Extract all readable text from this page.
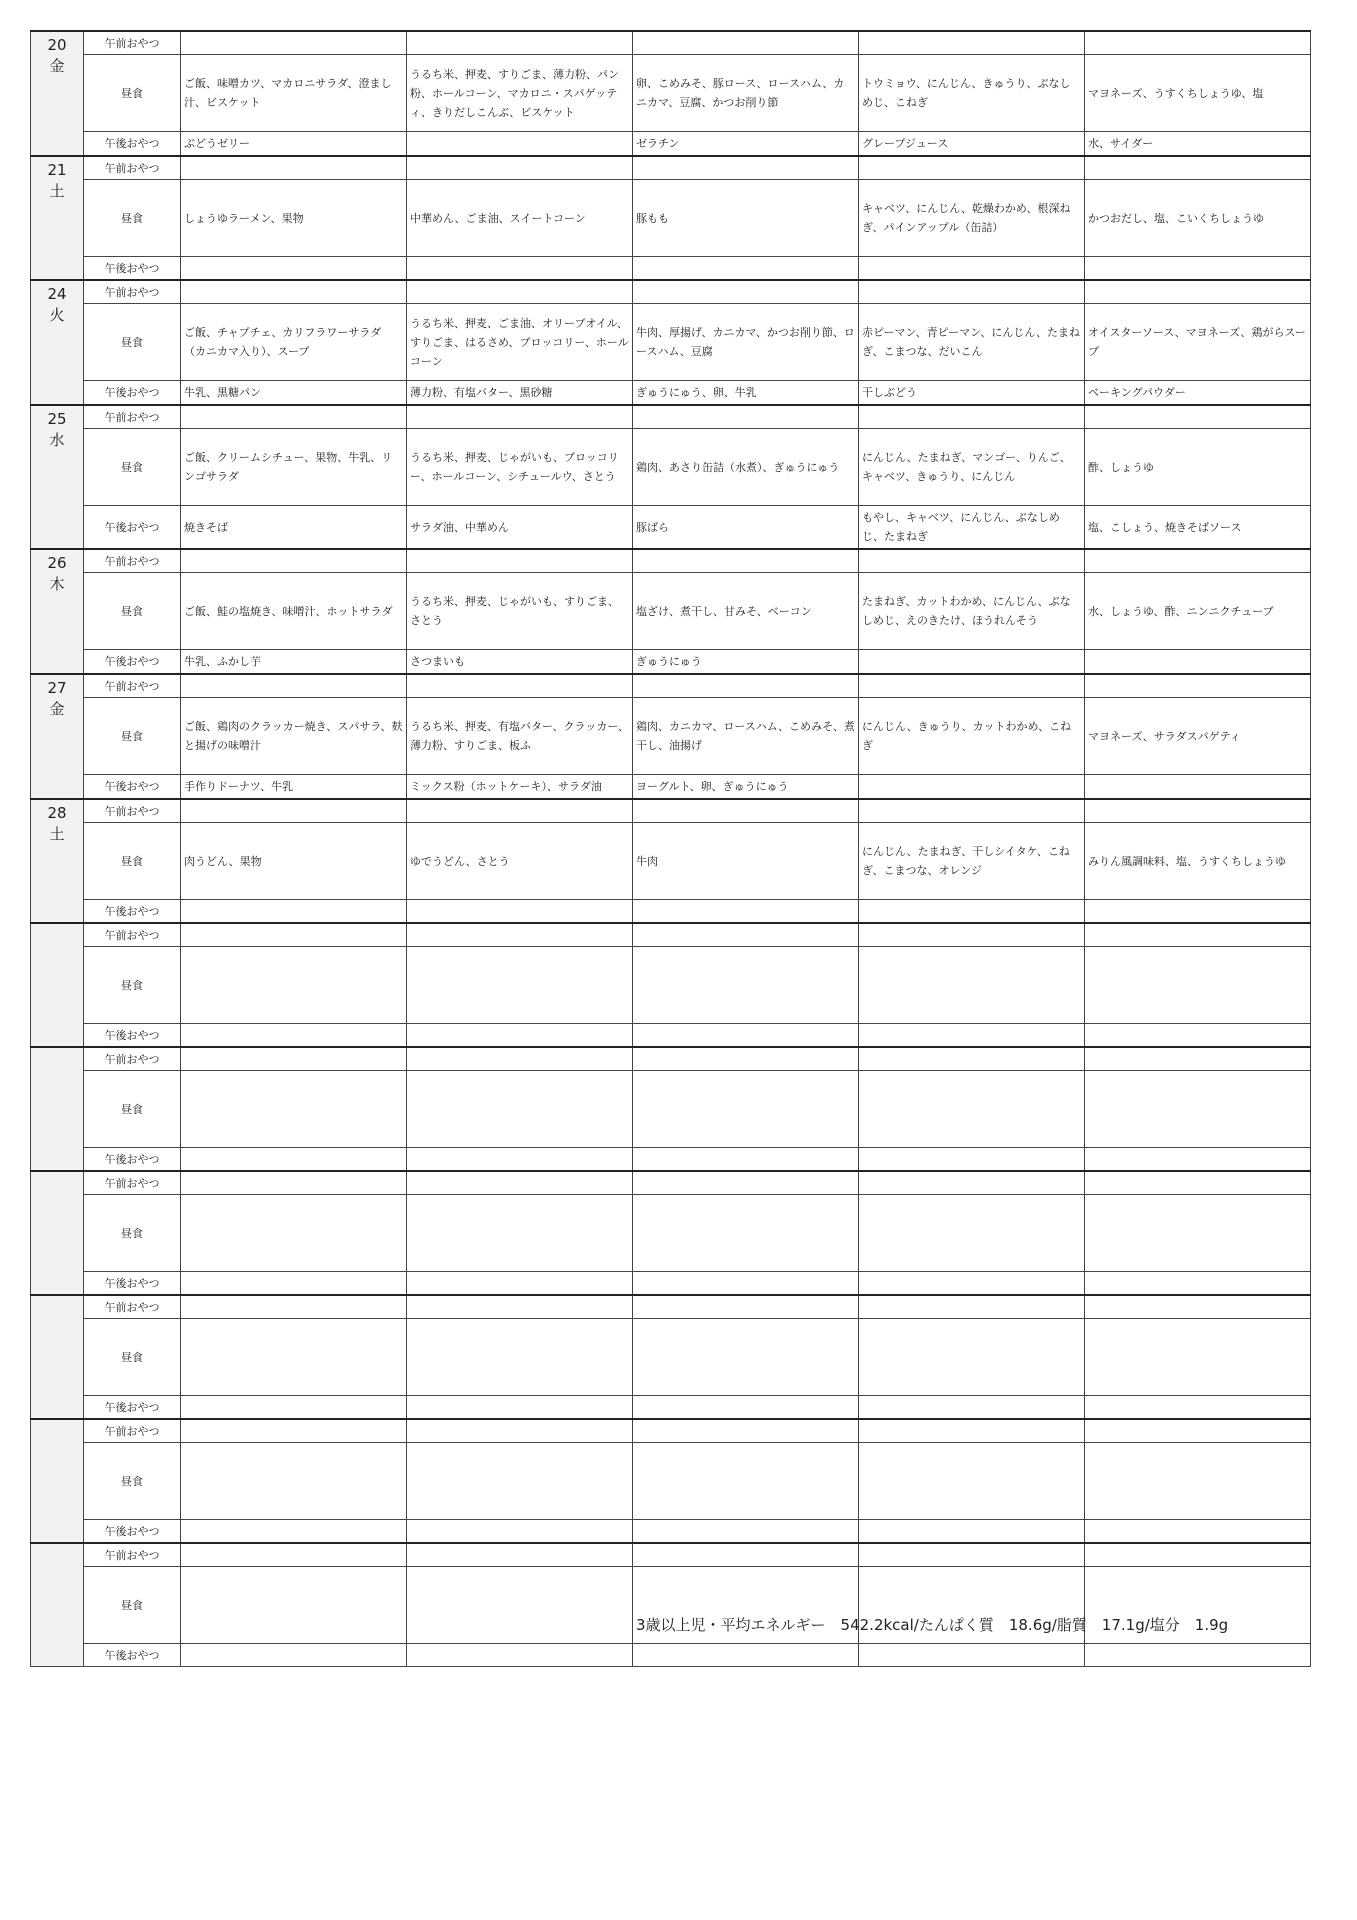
20
金	午前おやつ					
	昼食	ご飯、味噌カツ、マカロニサラダ、澄まし汁、ビスケット	うるち米、押麦、すりごま、薄力粉、パン粉、ホールコーン、マカロニ・スパゲッティ、きりだしこんぶ、ビスケット	卵、こめみそ、豚ロース、ロースハム、カニカマ、豆腐、かつお削り節	トウミョウ、にんじん、きゅうり、ぶなしめじ、こねぎ	マヨネーズ、うすくちしょうゆ、塩
	午後おやつ	ぶどうゼリー		ゼラチン	グレープジュース	水、サイダー

21
土	午前おやつ					
	昼食	しょうゆラーメン、果物	中華めん、ごま油、スイートコーン	豚もも	キャベツ、にんじん、乾燥わかめ、根深ねぎ、パインアップル（缶詰）	かつおだし、塩、こいくちしょうゆ
	午後おやつ					

24
火	午前おやつ					
	昼食	ご飯、チャプチェ、カリフラワーサラダ（カニカマ入り）、スープ	うるち米、押麦、ごま油、オリーブオイル、すりごま、はるさめ、ブロッコリー、ホールコーン	牛肉、厚揚げ、カニカマ、かつお削り節、ロースハム、豆腐	赤ピーマン、青ピーマン、にんじん、たまねぎ、こまつな、だいこん	オイスターソース、マヨネーズ、鶏がらスープ
	午後おやつ	牛乳、黒糖パン	薄力粉、有塩バター、黒砂糖	ぎゅうにゅう、卵、牛乳	干しぶどう	ベーキングパウダー

25
水	午前おやつ					
	昼食	ご飯、クリームシチュー、果物、牛乳、リンゴサラダ	うるち米、押麦、じゃがいも、ブロッコリー、ホールコーン、シチュールウ、さとう	鶏肉、あさり缶詰（水煮）、ぎゅうにゅう	にんじん、たまねぎ、マンゴー、りんご、キャベツ、きゅうり、にんじん	酢、しょうゆ
	午後おやつ	焼きそば	サラダ油、中華めん	豚ばら	もやし、キャベツ、にんじん、ぶなしめじ、たまねぎ	塩、こしょう、焼きそばソース

26
木	午前おやつ					
	昼食	ご飯、鮭の塩焼き、味噌汁、ホットサラダ	うるち米、押麦、じゃがいも、すりごま、さとう	塩ざけ、煮干し、甘みそ、ベーコン	たまねぎ、カットわかめ、にんじん、ぶなしめじ、えのきたけ、ほうれんそう	水、しょうゆ、酢、ニンニクチューブ
	午後おやつ	牛乳、ふかし芋	さつまいも	ぎゅうにゅう		

27
金	午前おやつ					
	昼食	ご飯、鶏肉のクラッカー焼き、スパサラ、麸と揚げの味噌汁	うるち米、押麦、有塩バター、クラッカー、薄力粉、すりごま、板ふ	鶏肉、カニカマ、ロースハム、こめみそ、煮干し、油揚げ	にんじん、きゅうり、カットわかめ、こねぎ	マヨネーズ、サラダスパゲティ
	午後おやつ	手作りドーナツ、牛乳	ミックス粉（ホットケーキ）、サラダ油	ヨーグルト、卵、ぎゅうにゅう		

28
土	午前おやつ					
	昼食	肉うどん、果物	ゆでうどん、さとう	牛肉	にんじん、たまねぎ、干しシイタケ、こねぎ、こまつな、オレンジ	みりん風調味料、塩、うすくちしょうゆ
	午後おやつ					

	午前おやつ					
	昼食					
	午後おやつ					

	午前おやつ					
	昼食					
	午後おやつ					

	午前おやつ					
	昼食					
	午後おやつ					

	午前おやつ					
	昼食					
	午後おやつ					

	午前おやつ					
	昼食					
	午後おやつ					

	午前おやつ					
	昼食					
	午後おやつ					
3歳以上児・平均エネルギー　542.2kcal/たんぱく質　18.6g/脂質　17.1g/塩分　1.9g
